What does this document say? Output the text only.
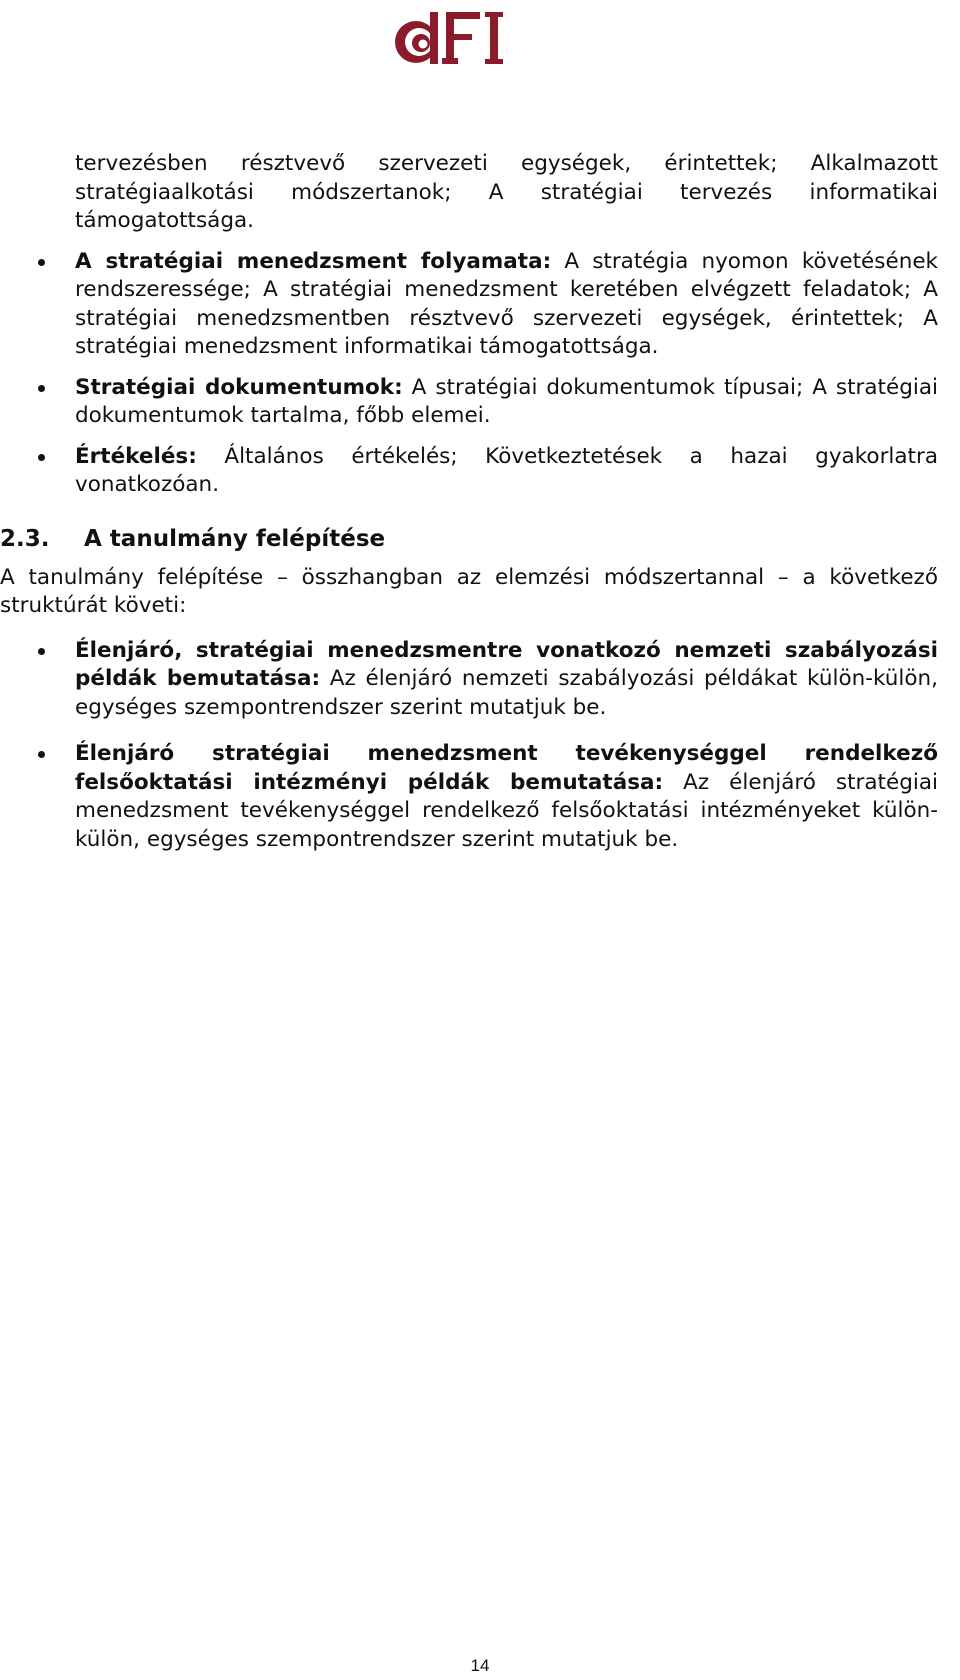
tervezésben résztvevő szervezeti egységek, érintettek; Alkalmazott stratégiaalkotási módszertanok; A stratégiai tervezés informatikai támogatottsága.

A stratégiai menedzsment folyamata: A stratégia nyomon követésének rendszeressége; A stratégiai menedzsment keretében elvégzett feladatok; A stratégiai menedzsmentben résztvevő szervezeti egységek, érintettek; A stratégiai menedzsment informatikai támogatottsága.
Stratégiai dokumentumok: A stratégiai dokumentumok típusai; A stratégiai dokumentumok tartalma, főbb elemei.
Értékelés: Általános értékelés; Következtetések a hazai gyakorlatra vonatkozóan.
2.3. A tanulmány felépítése

A tanulmány felépítése – összhangban az elemzési módszertannal – a következő struktúrát követi:

Élenjáró, stratégiai menedzsmentre vonatkozó nemzeti szabályozási példák bemutatása: Az élenjáró nemzeti szabályozási példákat külön-külön, egységes szempontrendszer szerint mutatjuk be.
Élenjáró stratégiai menedzsment tevékenységgel rendelkező felsőoktatási intézményi példák bemutatása: Az élenjáró stratégiai menedzsment tevékenységgel rendelkező felsőoktatási intézményeket külön-külön, egységes szempontrendszer szerint mutatjuk be.
14
